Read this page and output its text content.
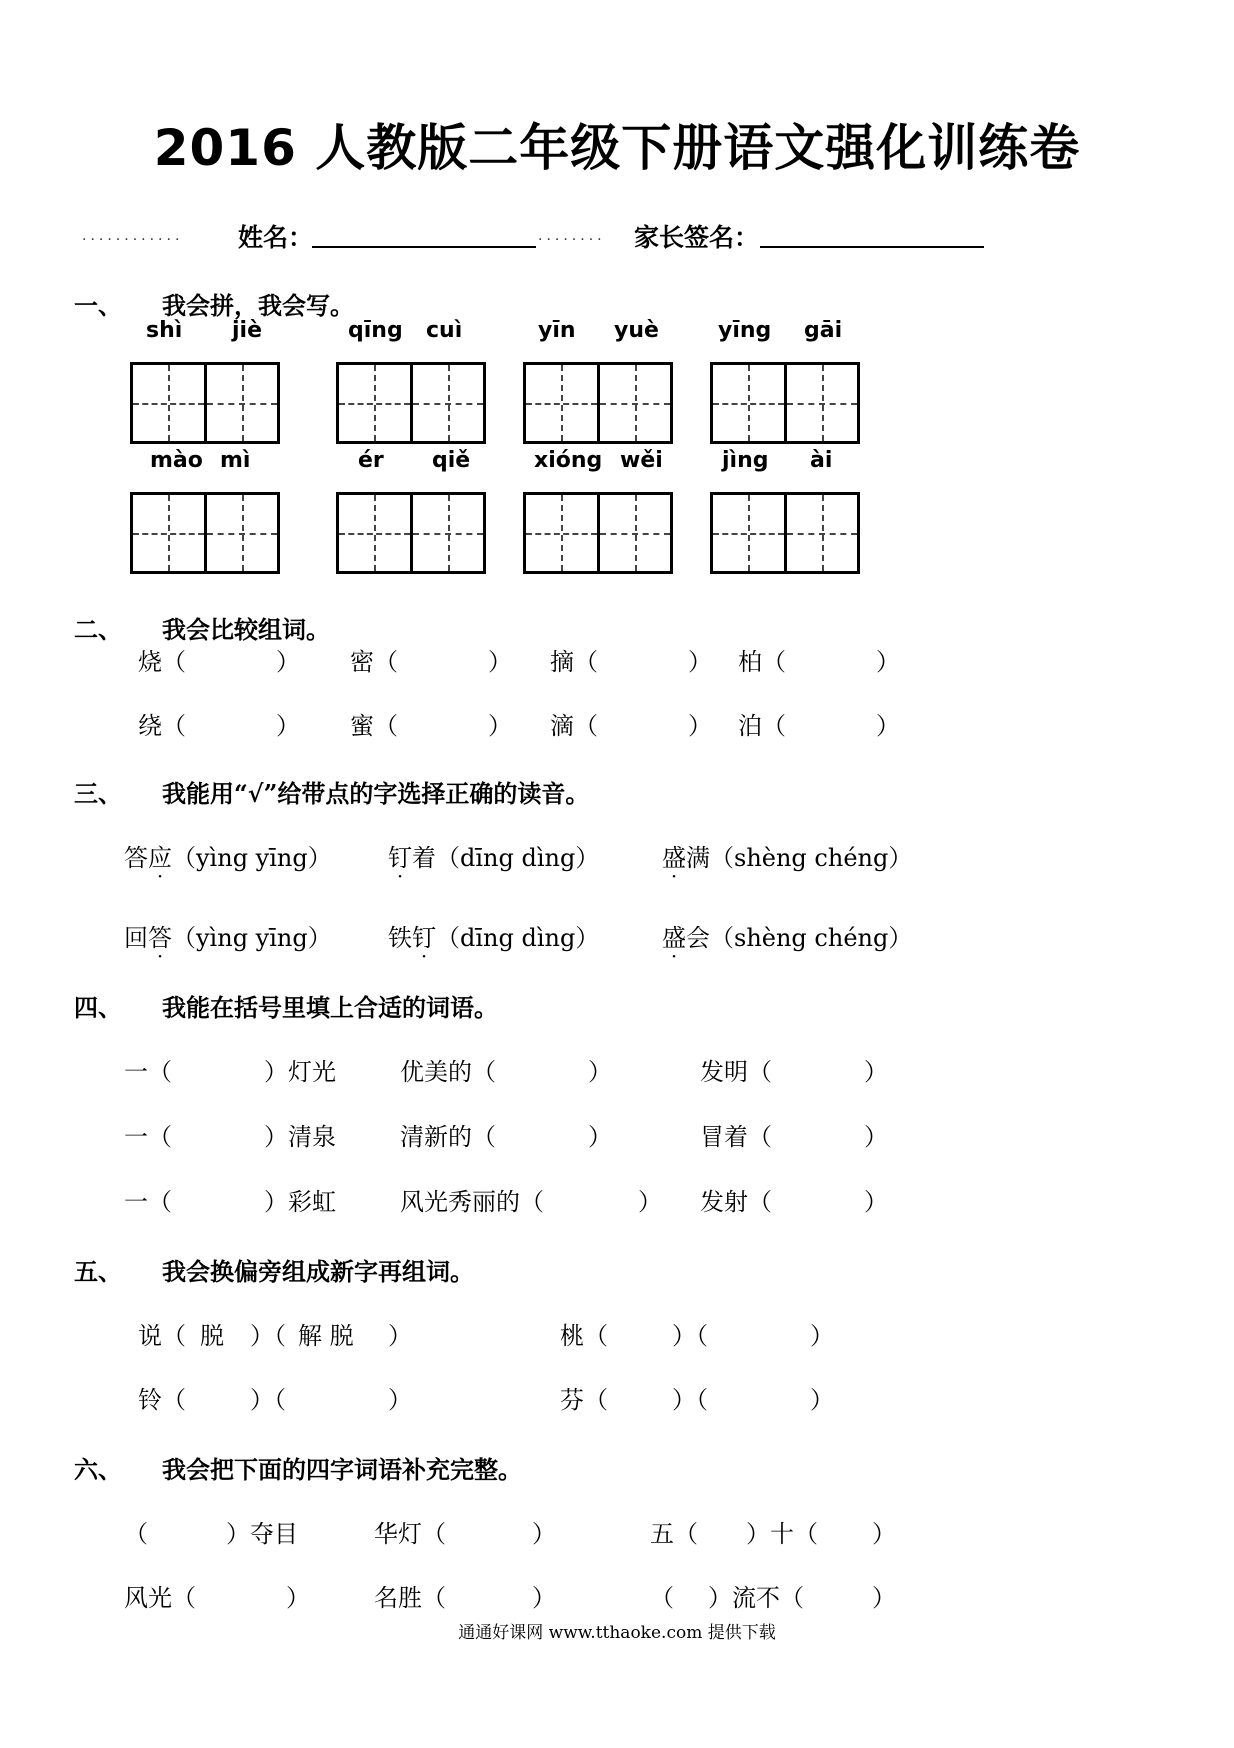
2016 人教版二年级下册语文强化训练卷
............ 姓名：	........ 家长签名：
一、 我会拼，我会写。
shì jiè	qīng cuì	yīn yuè	yīng gāi
mào mì	ér qiě	xióng wěi	jìng ài
二、 我会比较组词。
烧（	） 密（	） 摘（	） 柏（	）
绕（	） 蜜（	） 滴（	） 泊（	）
三、 我能用“√”给带点的字选择正确的读音。
答应（yìng yīng） 钉着（dīng dìng）	盛满（shèng chéng）
回答（yìng yīng） 铁钉（dīng dìng）	盛会（shèng chéng）
四、 我能在括号里填上合适的词语。
一（	）灯光	优美的（	）	发明（	）
一（	）清泉	清新的（	）	冒着（	）
一（	）彩虹	风光秀丽的（	） 发射（	）
五、 我会换偏旁组成新字再组词。
说（ 脱 ）（ 解 脱 ）	桃（	）（	）
铃（	）（	）	芬（	）（	）
六、 我会把下面的四字词语补充完整。
（	）夺目	华灯（	）	五（ ）十（ ）
风光（	）	名胜（	）	（ ）流不（	）
通通好课网 www.tthaoke.com 提供下载
